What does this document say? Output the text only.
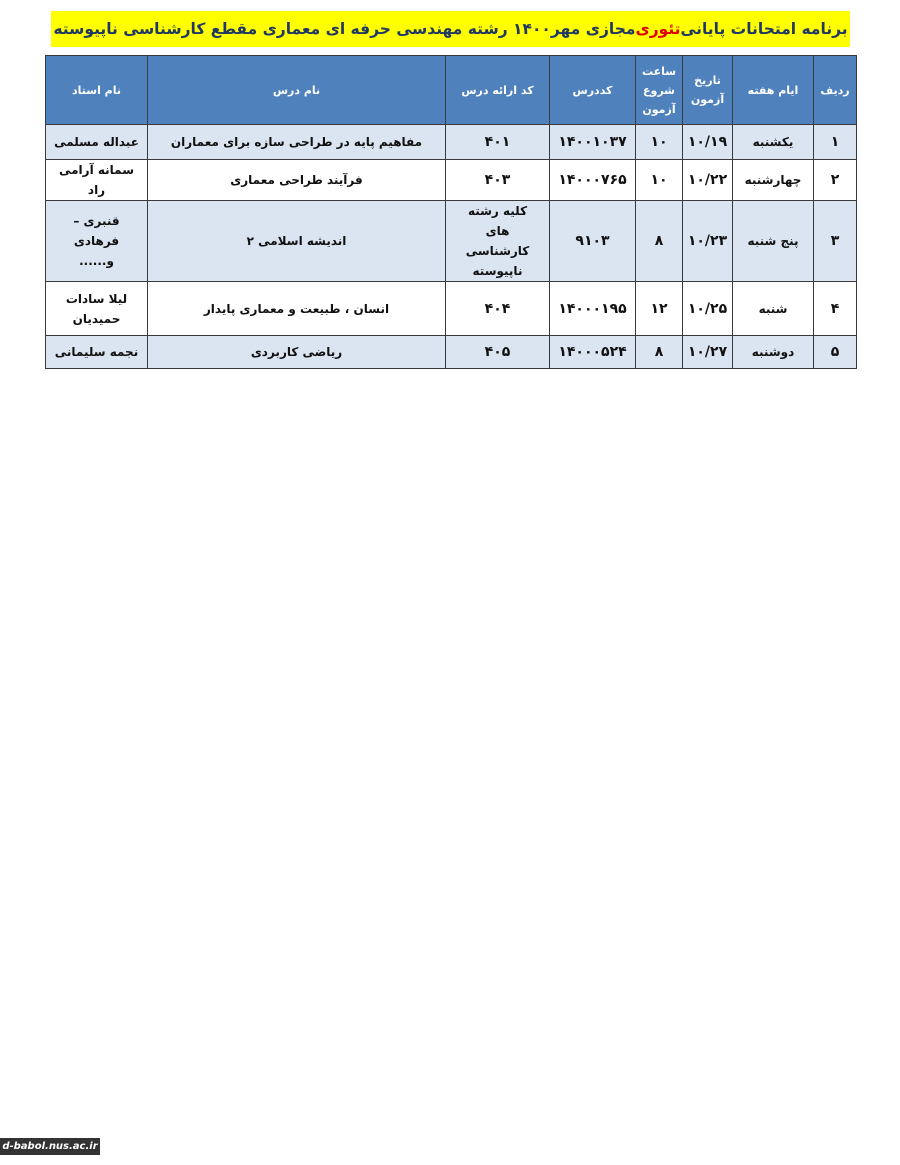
برنامه امتحانات پایانی
تئوری
مجازی مهر۱۴۰۰ رشته مهندسی حرفه ای معماری مقطع کارشناسی ناپیوسته
ردیف	ایام هفته	تاریخ آزمون	ساعت شروع آزمون	کددرس	کد ارائه درس	نام درس	نام استاد
۱	یکشنبه	۱۰/۱۹	۱۰	۱۴۰۰۱۰۳۷	۴۰۱	مفاهیم پایه در طراحی سازه برای معماران	عبداله مسلمی
۲	چهارشنبه	۱۰/۲۲	۱۰	۱۴۰۰۰۷۶۵	۴۰۳	فرآیند طراحی معماری	سمانه آرامی راد
۳	پنج شنبه	۱۰/۲۳	۸	۹۱۰۳	کلیه رشته های کارشناسی ناپیوسته	اندیشه اسلامی ۲	قنبری – فرهادی و......
۴	شنبه	۱۰/۲۵	۱۲	۱۴۰۰۰۱۹۵	۴۰۴	انسان ، طبیعت و معماری پایدار	لیلا سادات حمیدیان
۵	دوشنبه	۱۰/۲۷	۸	۱۴۰۰۰۵۲۴	۴۰۵	ریاضی کاربردی	نجمه سلیمانی
d-babol.nus.ac.ir
